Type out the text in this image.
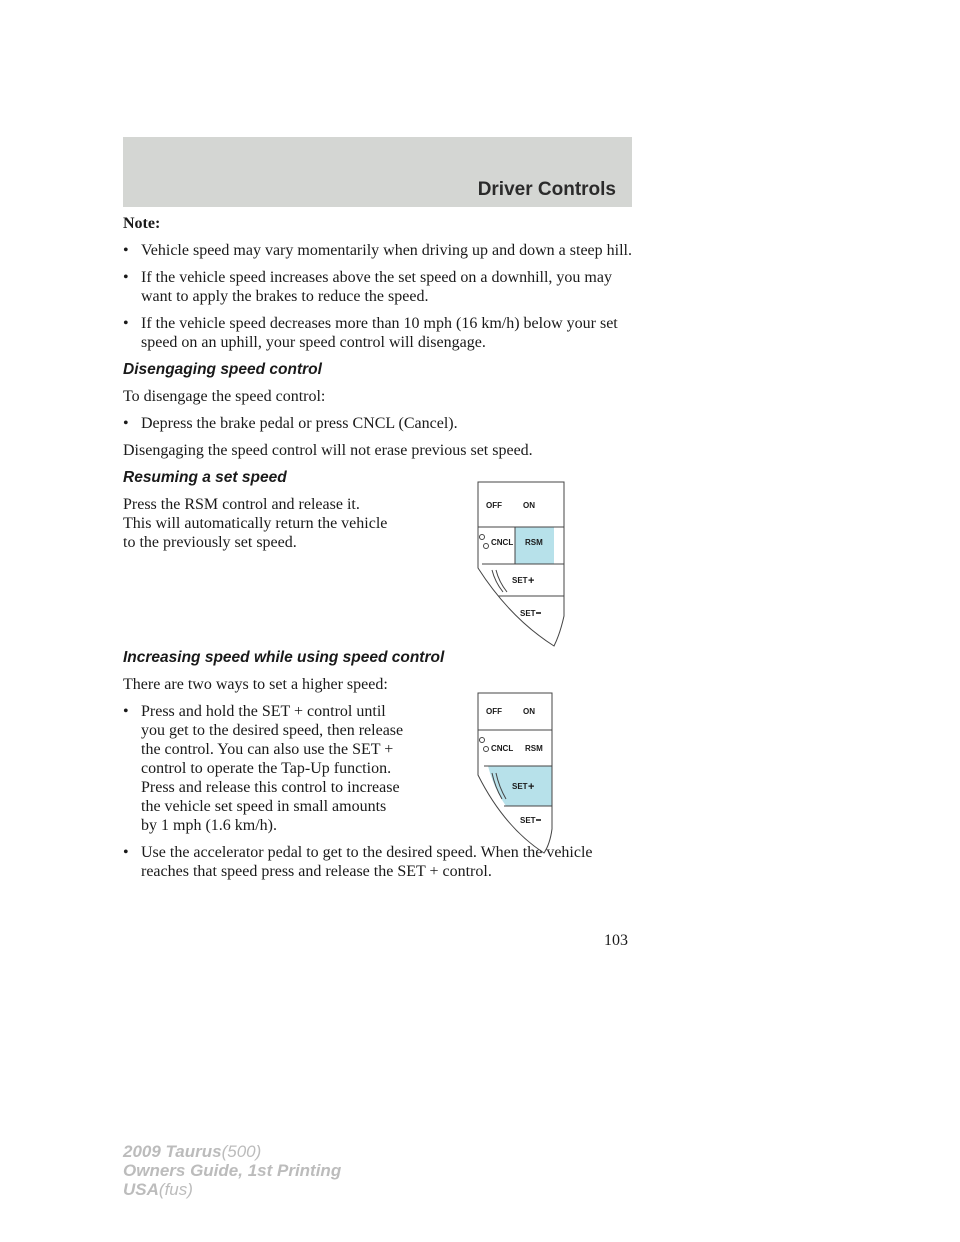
Driver Controls
Note:
• Vehicle speed may vary momentarily when driving up and down a steep hill.
• If the vehicle speed increases above the set speed on a downhill, you may want to apply the brakes to reduce the speed.
• If the vehicle speed decreases more than 10 mph (16 km/h) below your set speed on an uphill, your speed control will disengage.
Disengaging speed control
To disengage the speed control:
• Depress the brake pedal or press CNCL (Cancel).
Disengaging the speed control will not erase previous set speed.
Resuming a set speed
Press the RSM control and release it. This will automatically return the vehicle to the previously set speed.
Increasing speed while using speed control
There are two ways to set a higher speed:
• Press and hold the SET + control until you get to the desired speed, then release the control. You can also use the SET + control to operate the Tap-Up function. Press and release this control to increase the vehicle set speed in small amounts by 1 mph (1.6 km/h).
• Use the accelerator pedal to get to the desired speed. When the vehicle reaches that speed press and release the SET + control.
OFF	ON
CNCL RSM
SET +
SET
OFF	ON
CNCL RSM
SET +
SET
103
2009 Taurus(500)
Owners Guide, 1st Printing
USA(fus)
